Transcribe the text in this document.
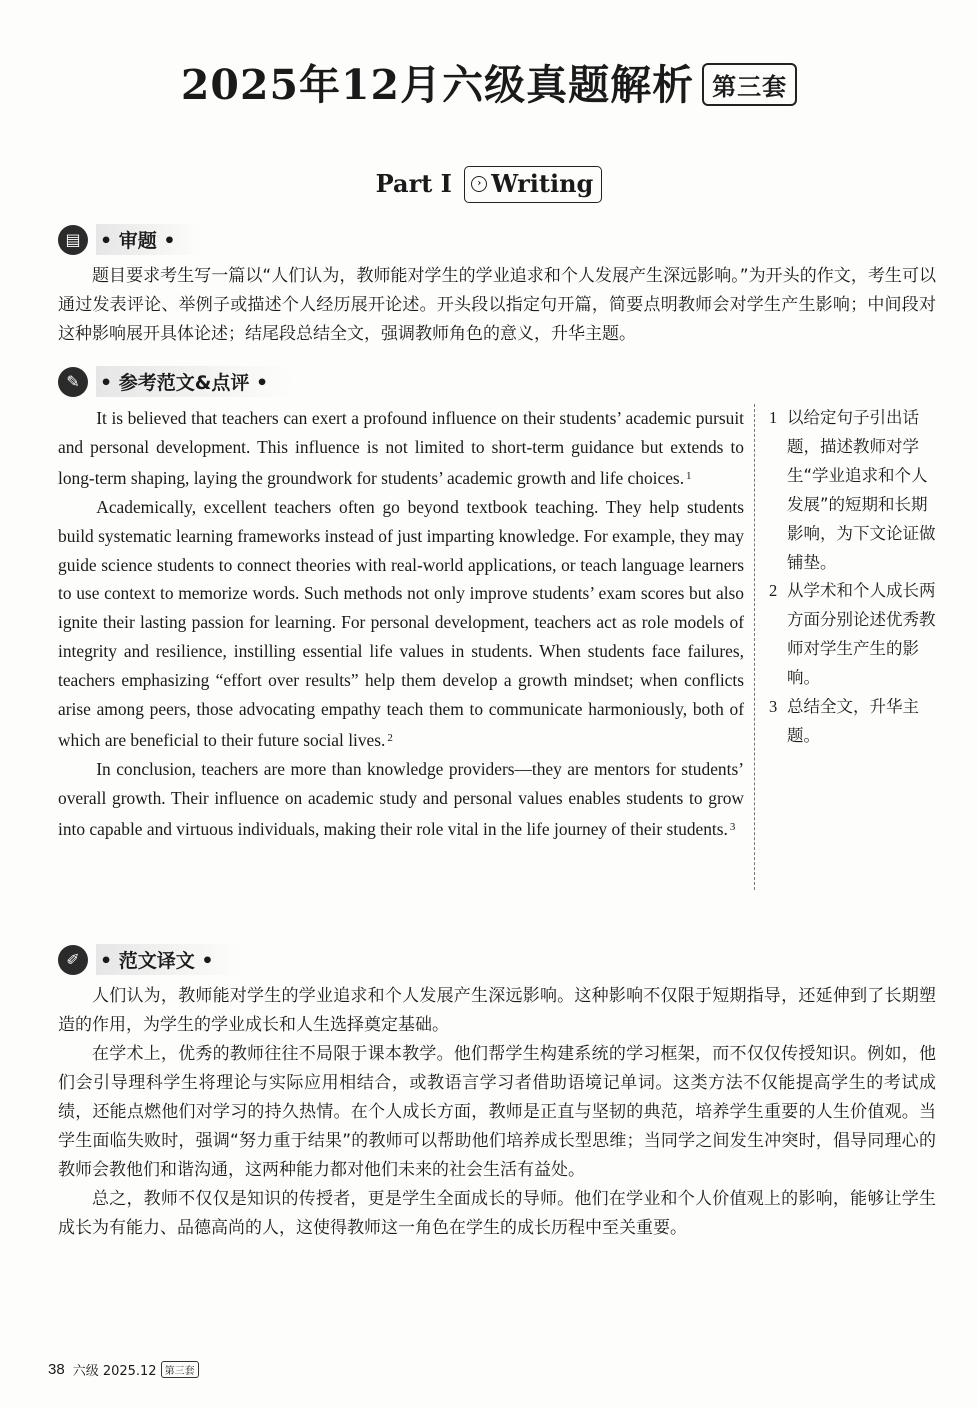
2025年12月六级真题解析 第三套
Part I	› Writing
▤	• 审题 •

题目要求考生写一篇以“人们认为，教师能对学生的学业追求和个人发展产生深远影响。”为开头的作文，考生可以通过发表评论、举例子或描述个人经历展开论述。开头段以指定句开篇，简要点明教师会对学生产生影响；中间段对这种影响展开具体论述；结尾段总结全文，强调教师角色的意义，升华主题。

✎	• 参考范文&点评 •

It is believed that teachers can exert a profound influence on their students’ academic pursuit and personal development. This influence is not limited to short-term guidance but extends to long-term shaping, laying the groundwork for students’ academic growth and life choices. $^1$

Academically, excellent teachers often go beyond textbook teaching. They help students build systematic learning frameworks instead of just imparting knowledge. For example, they may guide science students to connect theories with real-world applications, or teach language learners to use context to memorize words. Such methods not only improve students’ exam scores but also ignite their lasting passion for learning. For personal development, teachers act as role models of integrity and resilience, instilling essential life values in students. When students face failures, teachers emphasizing “effort over results” help them develop a growth mindset; when conflicts arise among peers, those advocating empathy teach them to communicate harmoniously, both of which are beneficial to their future social lives. $^2$

In conclusion, teachers are more than knowledge providers—they are mentors for students’ overall growth. Their influence on academic study and personal values enables students to grow into capable and virtuous individuals, making their role vital in the life journey of their students. $^3$

1 以给定句子引出话题，描述教师对学生“学业追求和个人发展”的短期和长期影响，为下文论证做铺垫。
2 从学术和个人成长两方面分别论述优秀教师对学生产生的影响。
3 总结全文，升华主题。
✐	• 范文译文 •

人们认为，教师能对学生的学业追求和个人发展产生深远影响。这种影响不仅限于短期指导，还延伸到了长期塑造的作用，为学生的学业成长和人生选择奠定基础。

在学术上，优秀的教师往往不局限于课本教学。他们帮学生构建系统的学习框架，而不仅仅传授知识。例如，他们会引导理科学生将理论与实际应用相结合，或教语言学习者借助语境记单词。这类方法不仅能提高学生的考试成绩，还能点燃他们对学习的持久热情。在个人成长方面，教师是正直与坚韧的典范，培养学生重要的人生价值观。当学生面临失败时，强调“努力重于结果”的教师可以帮助他们培养成长型思维；当同学之间发生冲突时，倡导同理心的教师会教他们和谐沟通，这两种能力都对他们未来的社会生活有益处。

总之，教师不仅仅是知识的传授者，更是学生全面成长的导师。他们在学业和个人价值观上的影响，能够让学生成长为有能力、品德高尚的人，这使得教师这一角色在学生的成长历程中至关重要。

38 六级 2025.12 第三套
